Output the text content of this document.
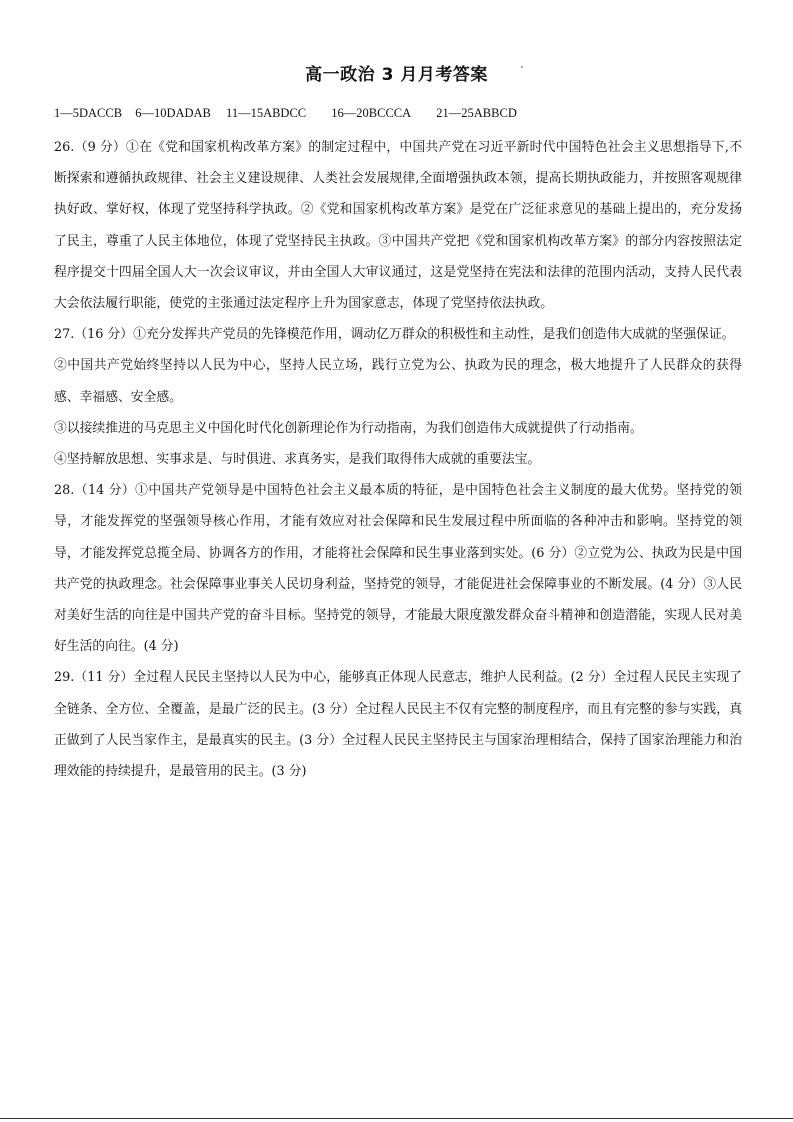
高一政治 3 月月考答案
1—5DACCB 6—10DADAB 11—15ABDCC 16—20BCCCA 21—25ABBCD

26.（9 分）①在《党和国家机构改革方案》的制定过程中，中国共产党在习近平新时代中国特色社会主义思想指导下,不断探索和遵循执政规律、社会主义建设规律、人类社会发展规律,全面增强执政本领，提高长期执政能力，并按照客观规律执好政、掌好权，体现了党坚持科学执政。②《党和国家机构改革方案》是党在广泛征求意见的基础上提出的，充分发扬了民主，尊重了人民主体地位，体现了党坚持民主执政。③中国共产党把《党和国家机构改革方案》的部分内容按照法定程序提交十四届全国人大一次会议审议，并由全国人大审议通过，这是党坚持在宪法和法律的范围内活动，支持人民代表大会依法履行职能，使党的主张通过法定程序上升为国家意志，体现了党坚持依法执政。

27.（16 分）①充分发挥共产党员的先锋模范作用，调动亿万群众的积极性和主动性，是我们创造伟大成就的坚强保证。

②中国共产党始终坚持以人民为中心，坚持人民立场，践行立党为公、执政为民的理念，极大地提升了人民群众的获得感、幸福感、安全感。

③以接续推进的马克思主义中国化时代化创新理论作为行动指南，为我们创造伟大成就提供了行动指南。

④坚持解放思想、实事求是、与时俱进、求真务实，是我们取得伟大成就的重要法宝。

28.（14 分）①中国共产党领导是中国特色社会主义最本质的特征，是中国特色社会主义制度的最大优势。坚持党的领导，才能发挥党的坚强领导核心作用，才能有效应对社会保障和民生发展过程中所面临的各种冲击和影响。坚持党的领导，才能发挥党总揽全局、协调各方的作用，才能将社会保障和民生事业落到实处。(6 分）②立党为公、执政为民是中国共产党的执政理念。社会保障事业事关人民切身利益，坚持党的领导，才能促进社会保障事业的不断发展。(4 分）③人民对美好生活的向往是中国共产党的奋斗目标。坚持党的领导，才能最大限度激发群众奋斗精神和创造潜能，实现人民对美好生活的向往。(4 分)

29.（11 分）全过程人民民主坚持以人民为中心，能够真正体现人民意志，维护人民利益。(2 分）全过程人民民主实现了全链条、全方位、全覆盖，是最广泛的民主。(3 分）全过程人民民主不仅有完整的制度程序，而且有完整的参与实践，真正做到了人民当家作主，是最真实的民主。(3 分）全过程人民民主坚持民主与国家治理相结合，保持了国家治理能力和治理效能的持续提升，是最管用的民主。(3 分)
